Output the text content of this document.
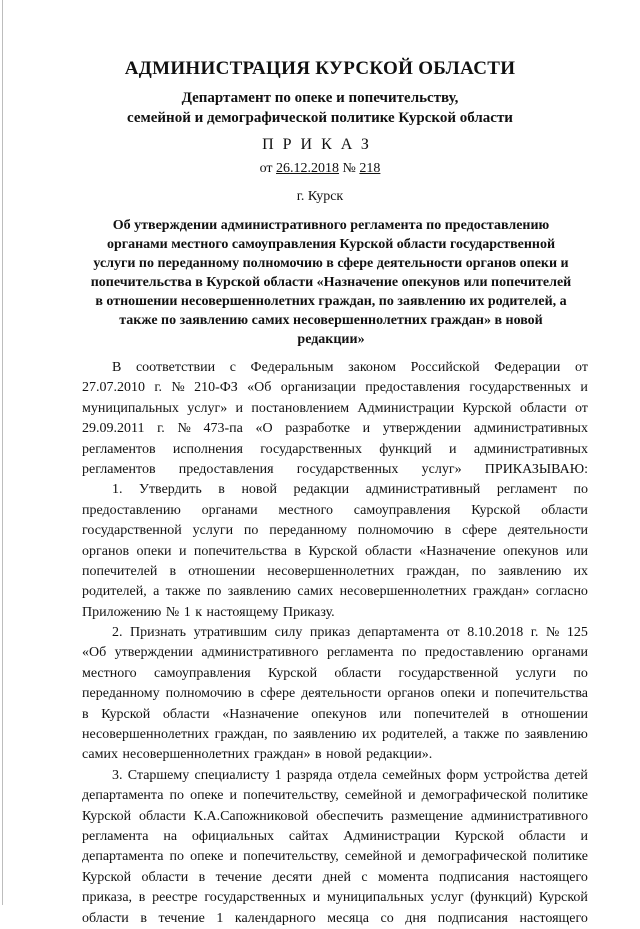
АДМИНИСТРАЦИЯ КУРСКОЙ ОБЛАСТИ
Департамент по опеке и попечительству,
семейной и демографической политике Курской области
ПРИКАЗ
от 26.12.2018 № 218
г. Курск
Об утверждении административного регламента по предоставлению
органами местного самоуправления Курской области государственной
услуги по переданному полномочию в сфере деятельности органов опеки и
попечительства в Курской области «Назначение опекунов или попечителей
в отношении несовершеннолетних граждан, по заявлению их родителей, а
также по заявлению самих несовершеннолетних граждан» в новой
редакции»
В соответствии с Федеральным законом Российской Федерации от
27.07.2010 г. № 210-ФЗ «Об организации предоставления государственных и
муниципальных услуг» и постановлением Администрации Курской области от
29.09.2011 г. № 473-па «О разработке и утверждении административных
регламентов исполнения государственных функций и административных
регламентов предоставления государственных услуг» ПРИКАЗЫВАЮ:
1. Утвердить в новой редакции административный регламент по
предоставлению органами местного самоуправления Курской области
государственной услуги по переданному полномочию в сфере деятельности
органов опеки и попечительства в Курской области «Назначение опекунов или
попечителей в отношении несовершеннолетних граждан, по заявлению их
родителей, а также по заявлению самих несовершеннолетних граждан» согласно
Приложению № 1 к настоящему Приказу.
2. Признать утратившим силу приказ департамента от 8.10.2018 г. № 125
«Об утверждении административного регламента по предоставлению органами
местного самоуправления Курской области государственной услуги по
переданному полномочию в сфере деятельности органов опеки и попечительства
в Курской области «Назначение опекунов или попечителей в отношении
несовершеннолетних граждан, по заявлению их родителей, а также по заявлению
самих несовершеннолетних граждан» в новой редакции».
3. Старшему специалисту 1 разряда отдела семейных форм устройства детей
департамента по опеке и попечительству, семейной и демографической политике
Курской области К.А.Сапожниковой обеспечить размещение административного
регламента на официальных сайтах Администрации Курской области и
департамента по опеке и попечительству, семейной и демографической политике
Курской области в течение десяти дней с момента подписания настоящего
приказа, в реестре государственных и муниципальных услуг (функций) Курской
области в течение 1 календарного месяца со дня подписания настоящего
